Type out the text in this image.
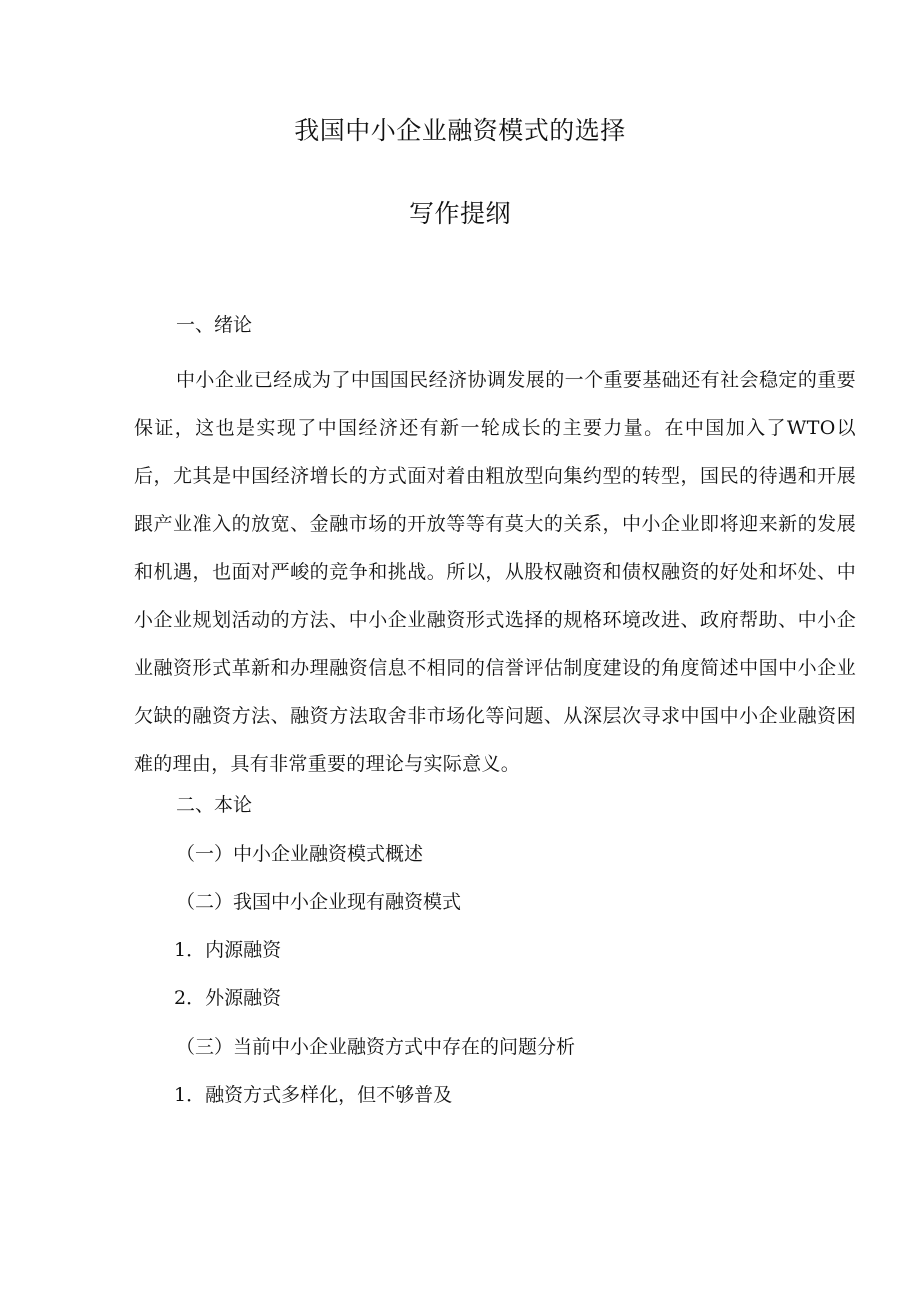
我国中小企业融资模式的选择
写作提纲

一、绪论

中小企业已经成为了中国国民经济协调发展的一个重要基础还有社会稳定的重要保证，这也是实现了中国经济还有新一轮成长的主要力量。在中国加入了WTO以后，尤其是中国经济增长的方式面对着由粗放型向集约型的转型，国民的待遇和开展跟产业准入的放宽、金融市场的开放等等有莫大的关系，中小企业即将迎来新的发展和机遇，也面对严峻的竞争和挑战。所以，从股权融资和债权融资的好处和坏处、中小企业规划活动的方法、中小企业融资形式选择的规格环境改进、政府帮助、中小企业融资形式革新和办理融资信息不相同的信誉评估制度建设的角度简述中国中小企业欠缺的融资方法、融资方法取舍非市场化等问题、从深层次寻求中国中小企业融资困难的理由，具有非常重要的理论与实际意义。

二、本论

（一）中小企业融资模式概述

（二）我国中小企业现有融资模式

1．内源融资

2．外源融资

（三）当前中小企业融资方式中存在的问题分析

1．融资方式多样化，但不够普及
